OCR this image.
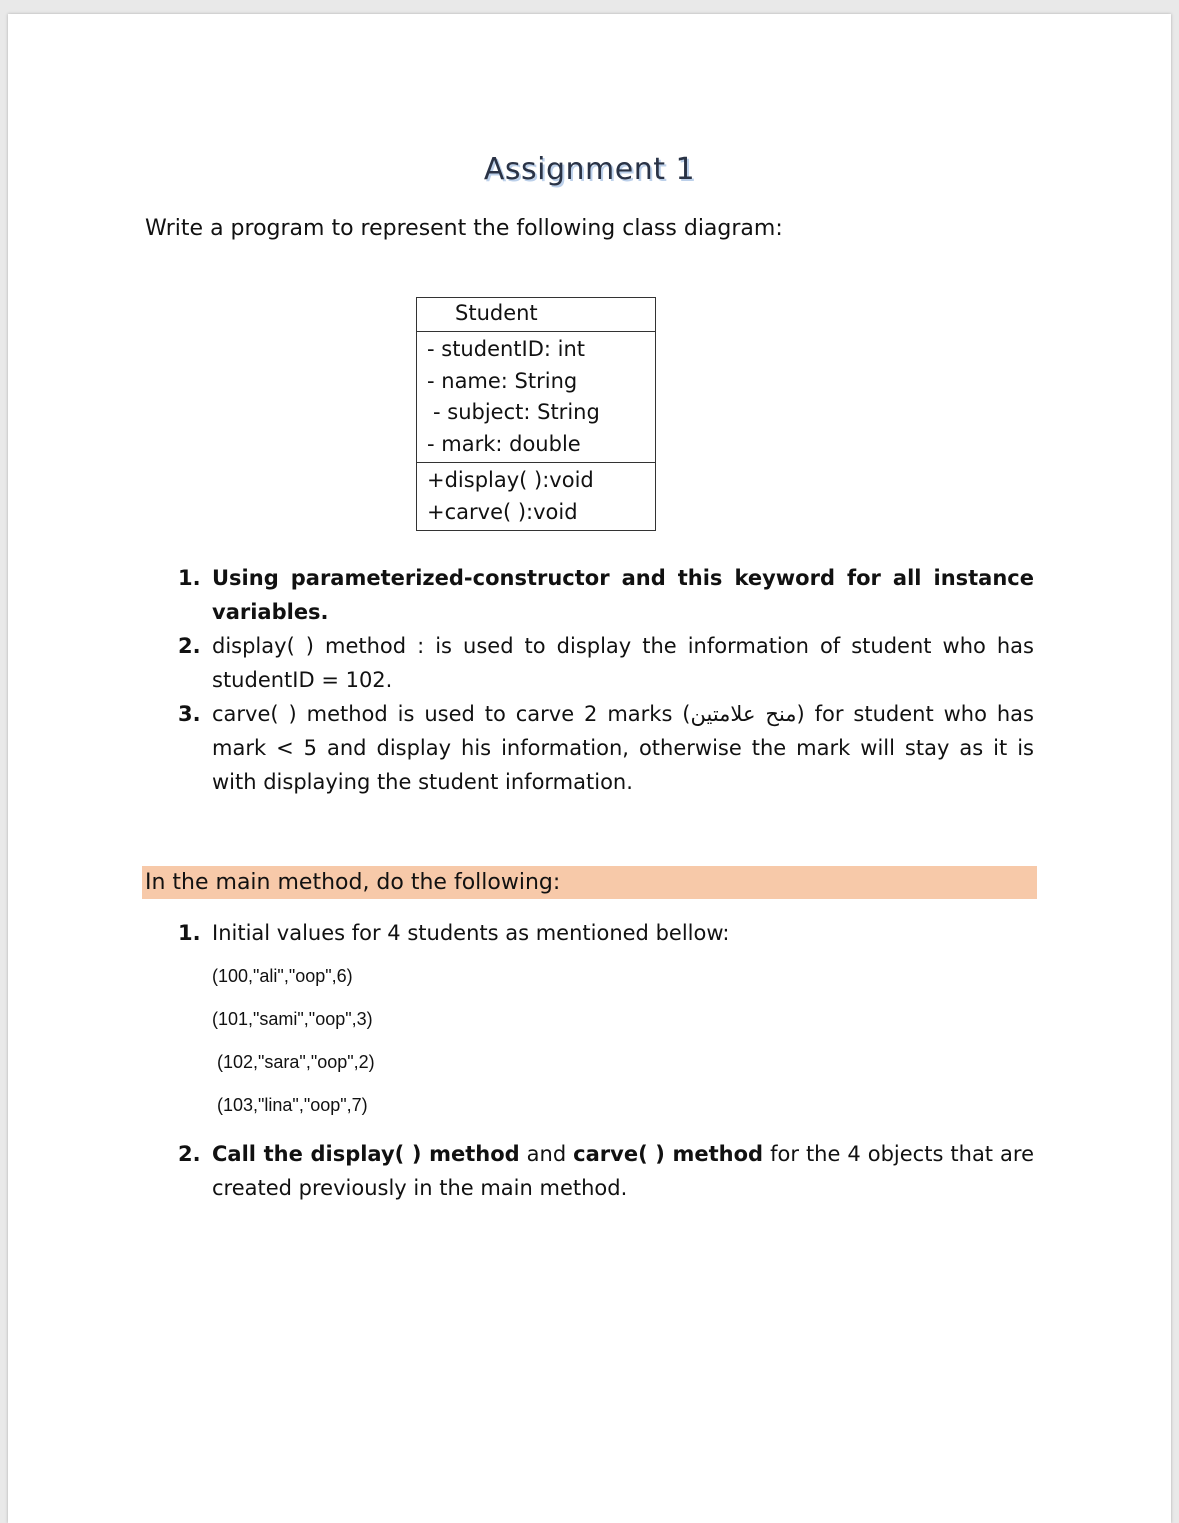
Assignment 1
Write a program to represent the following class diagram:
Student
- studentID: int
- name: String
- subject: String
- mark: double
+display( ):void
+carve( ):void
1. Using parameterized-constructor and this keyword for all instance
variables.
2. display( ) method : is used to display the information of student who has studentID = 102.
3. carve( ) method is used to carve 2 marks (منح علامتين) for student who has mark < 5 and display his information, otherwise the mark will stay as it is with displaying the student information.
In the main method, do the following:
1. Initial values for 4 students as mentioned bellow:
(100,"ali","oop",6)
(101,"sami","oop",3)
(102,"sara","oop",2)
(103,"lina","oop",7)
2. Call the display( ) method and carve( ) method for the 4 objects that are created previously in the main method.
